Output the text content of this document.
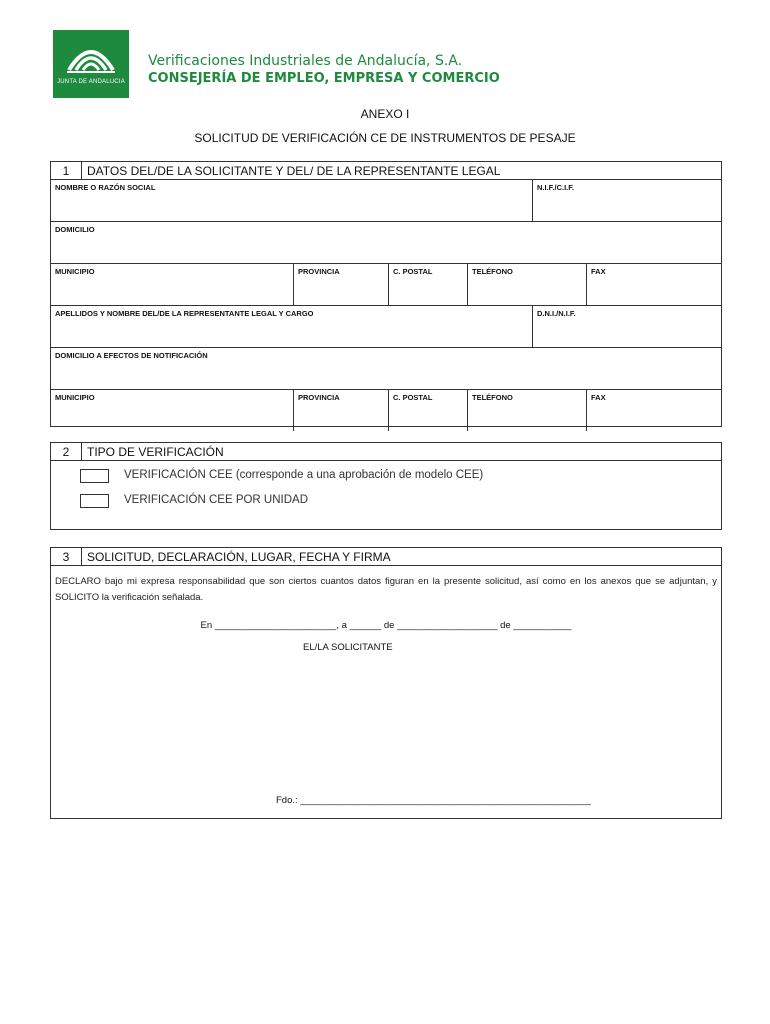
JUNTA DE ANDALUCIA
Verificaciones Industriales de Andalucía, S.A.
CONSEJERÍA DE EMPLEO, EMPRESA Y COMERCIO
ANEXO I
SOLICITUD DE VERIFICACIÓN CE DE INSTRUMENTOS DE PESAJE
1	DATOS DEL/DE LA SOLICITANTE Y DEL/ DE LA REPRESENTANTE LEGAL
NOMBRE O RAZÓN SOCIAL	N.I.F./C.I.F.
DOMICILIO
MUNICIPIO	PROVINCIA	C. POSTAL	TELÉFONO	FAX
APELLIDOS Y NOMBRE DEL/DE LA REPRESENTANTE LEGAL Y CARGO	D.N.I./N.I.F.
DOMICILIO A EFECTOS DE NOTIFICACIÓN
MUNICIPIO	PROVINCIA	C. POSTAL	TELÉFONO	FAX
2	TIPO DE VERIFICACIÓN
VERIFICACIÓN CEE (corresponde a una aprobación de modelo CEE)
VERIFICACIÓN CEE POR UNIDAD
3	SOLICITUD, DECLARACIÓN, LUGAR, FECHA Y FIRMA
DECLARO bajo mi expresa responsabilidad que son ciertos cuantos datos figuran en la presente solicitud, así como en los anexos que se adjuntan, y SOLICITO la verificación señalada.
En _______________________, a ______ de ___________________ de ___________
EL/LA SOLICITANTE
Fdo.: _______________________________________________________
